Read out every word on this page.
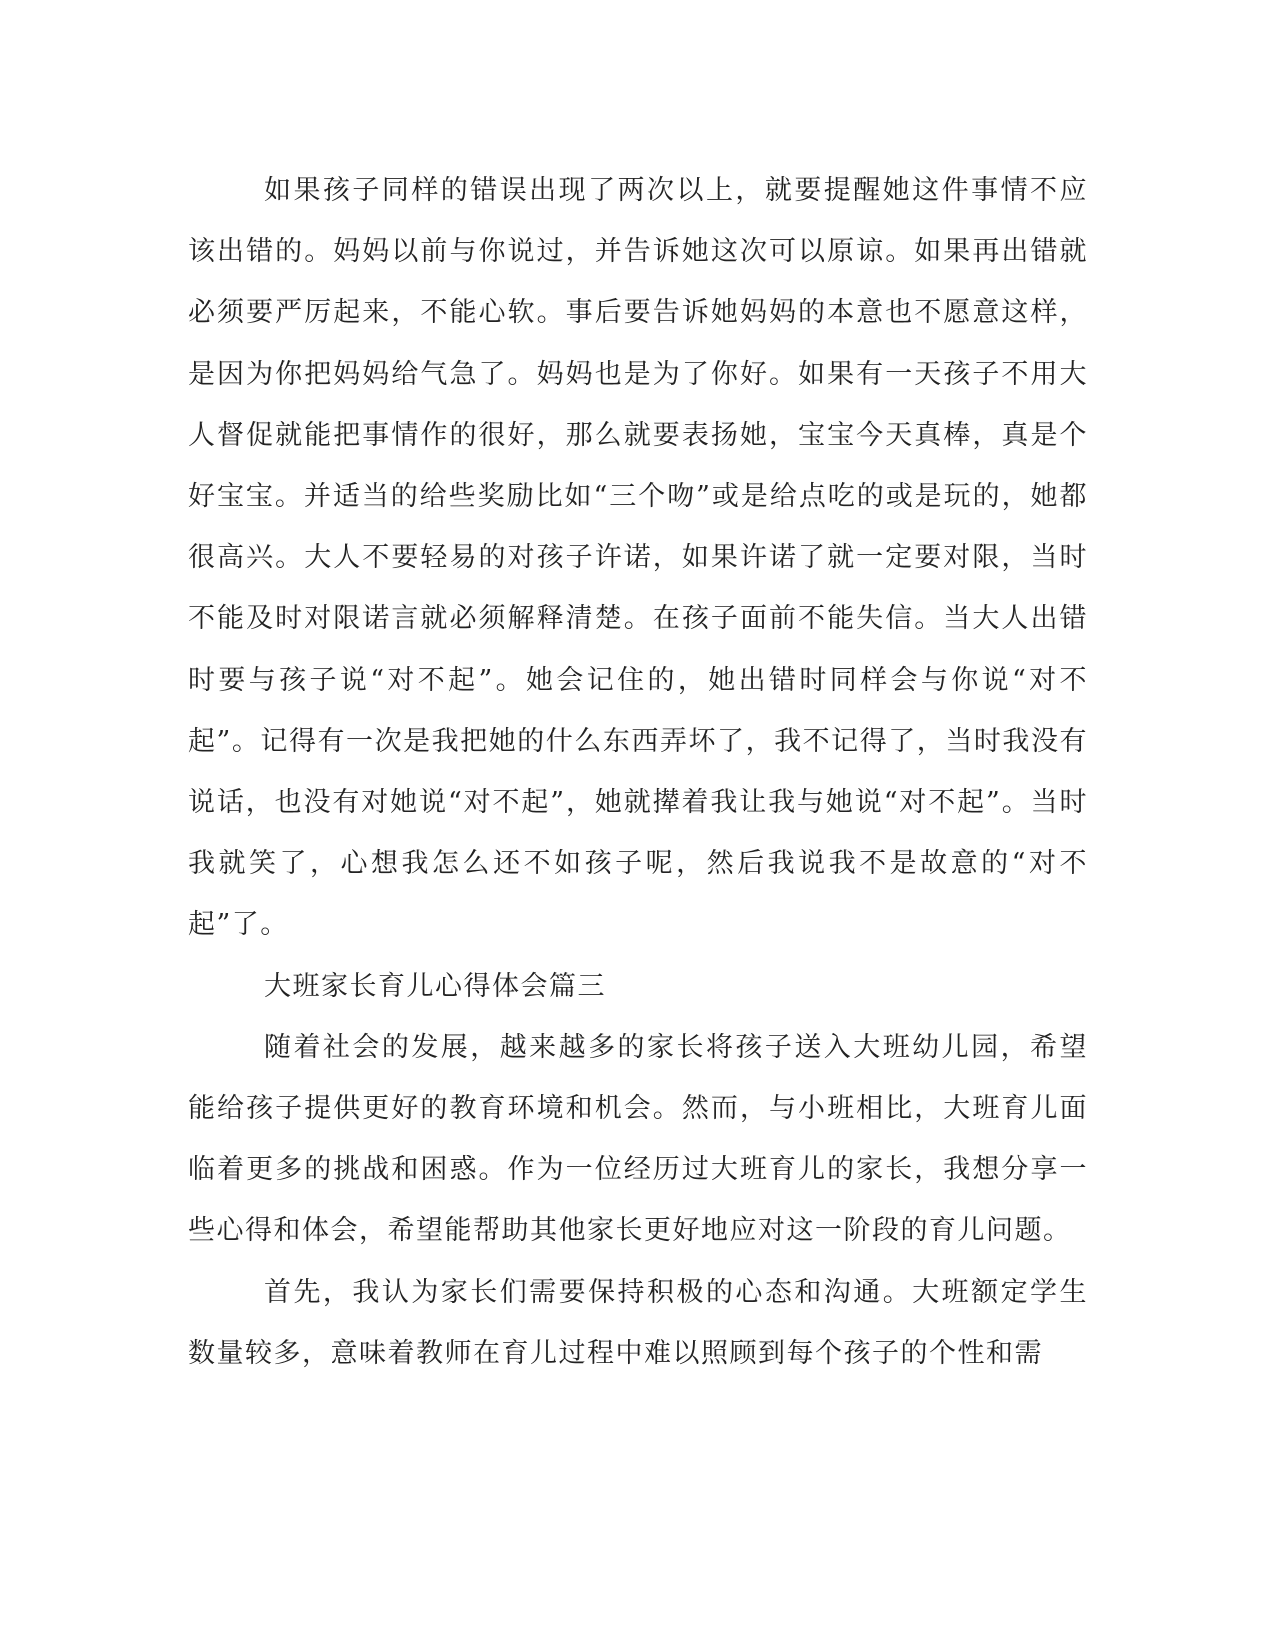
如果孩子同样的错误出现了两次以上，就要提醒她这件事情不应该出错的。妈妈以前与你说过，并告诉她这次可以原谅。如果再出错就必须要严厉起来，不能心软。事后要告诉她妈妈的本意也不愿意这样，是因为你把妈妈给气急了。妈妈也是为了你好。如果有一天孩子不用大人督促就能把事情作的很好，那么就要表扬她，宝宝今天真棒，真是个好宝宝。并适当的给些奖励比如“三个吻”或是给点吃的或是玩的，她都很高兴。大人不要轻易的对孩子许诺，如果许诺了就一定要对限，当时不能及时对限诺言就必须解释清楚。在孩子面前不能失信。当大人出错时要与孩子说“对不起”。她会记住的，她出错时同样会与你说“对不起”。记得有一次是我把她的什么东西弄坏了，我不记得了，当时我没有说话，也没有对她说“对不起”，她就撵着我让我与她说“对不起”。当时我就笑了，心想我怎么还不如孩子呢，然后我说我不是故意的“对不起”了。

大班家长育儿心得体会篇三

随着社会的发展，越来越多的家长将孩子送入大班幼儿园，希望能给孩子提供更好的教育环境和机会。然而，与小班相比，大班育儿面临着更多的挑战和困惑。作为一位经历过大班育儿的家长，我想分享一些心得和体会，希望能帮助其他家长更好地应对这一阶段的育儿问题。

首先，我认为家长们需要保持积极的心态和沟通。大班额定学生数量较多，意味着教师在育儿过程中难以照顾到每个孩子的个性和需
